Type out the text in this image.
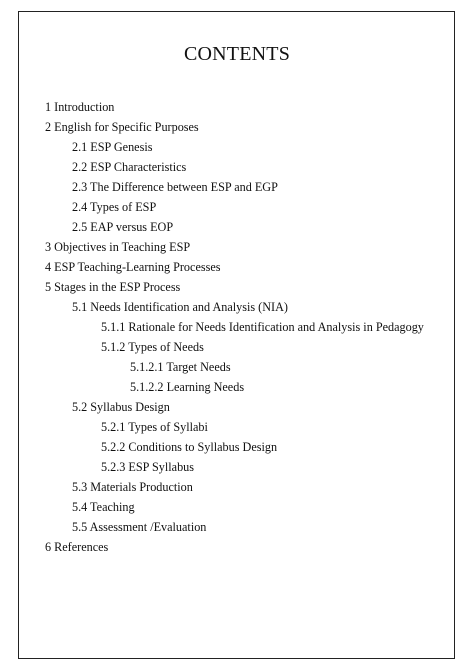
CONTENTS
1 Introduction
2 English for Specific Purposes
2.1 ESP Genesis
2.2 ESP Characteristics
2.3 The Difference between ESP and EGP
2.4 Types of ESP
2.5 EAP versus EOP
3 Objectives in Teaching ESP
4 ESP Teaching-Learning Processes
5 Stages in the ESP Process
5.1 Needs Identification and Analysis (NIA)
5.1.1 Rationale for Needs Identification and Analysis in Pedagogy
5.1.2 Types of Needs
5.1.2.1 Target Needs
5.1.2.2 Learning Needs
5.2 Syllabus Design
5.2.1 Types of Syllabi
5.2.2 Conditions to Syllabus Design
5.2.3 ESP Syllabus
5.3 Materials Production
5.4 Teaching
5.5 Assessment /Evaluation
6 References
